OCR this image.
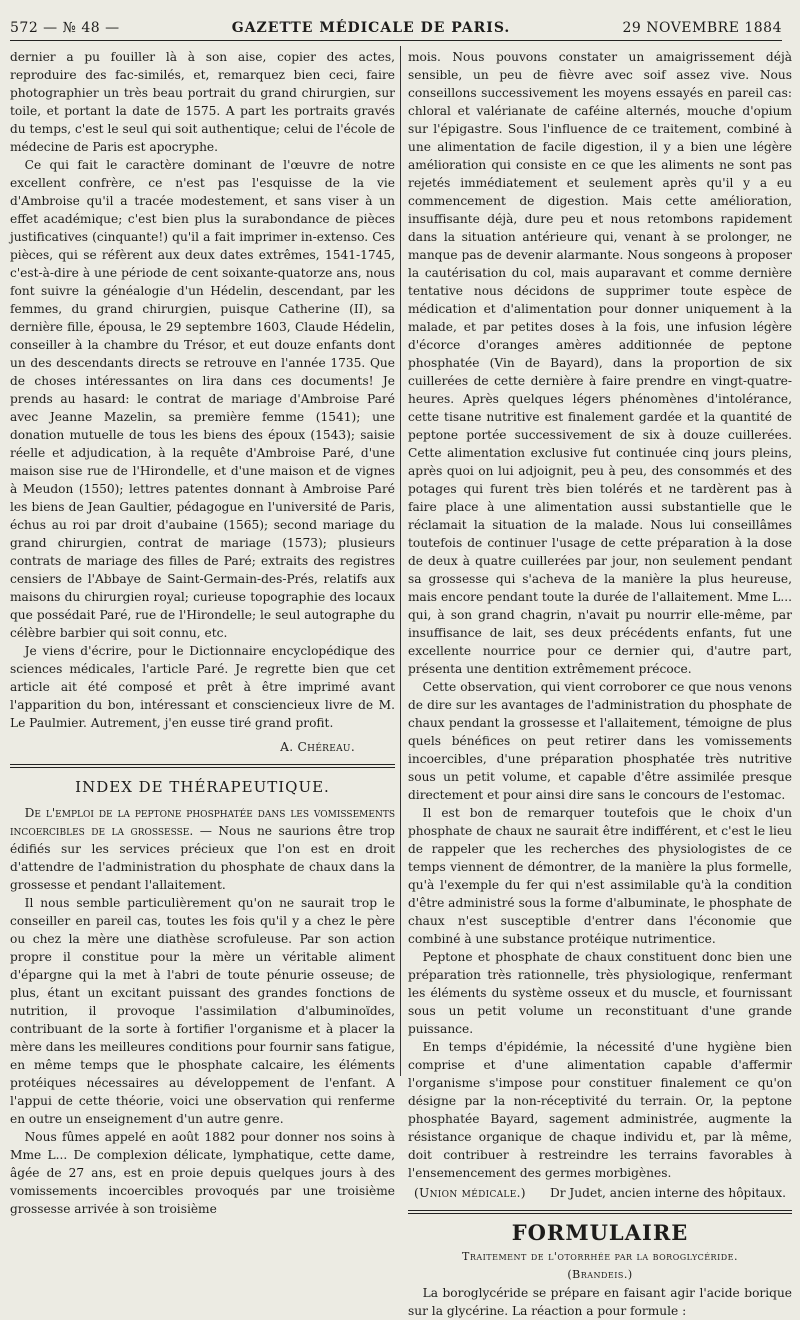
572 — № 48 —	GAZETTE MÉDICALE DE PARIS.	29 NOVEMBRE 1884

dernier a pu fouiller là à son aise, copier des actes, reproduire des fac-similés, et, remarquez bien ceci, faire photographier un très beau portrait du grand chirurgien, sur toile, et portant la date de 1575. A part les portraits gravés du temps, c'est le seul qui soit authentique; celui de l'école de médecine de Paris est apocryphe.

Ce qui fait le caractère dominant de l'œuvre de notre excellent confrère, ce n'est pas l'esquisse de la vie d'Ambroise qu'il a tracée modestement, et sans viser à un effet académique; c'est bien plus la surabondance de pièces justificatives (cinquante!) qu'il a fait imprimer in-extenso. Ces pièces, qui se réfèrent aux deux dates extrêmes, 1541-1745, c'est-à-dire à une période de cent soixante-quatorze ans, nous font suivre la généalogie d'un Hédelin, descendant, par les femmes, du grand chirurgien, puisque Catherine (II), sa dernière fille, épousa, le 29 septembre 1603, Claude Hédelin, conseiller à la chambre du Trésor, et eut douze enfants dont un des descendants directs se retrouve en l'année 1735. Que de choses intéressantes on lira dans ces documents! Je prends au hasard: le contrat de mariage d'Ambroise Paré avec Jeanne Mazelin, sa première femme (1541); une donation mutuelle de tous les biens des époux (1543); saisie réelle et adjudication, à la requête d'Ambroise Paré, d'une maison sise rue de l'Hirondelle, et d'une maison et de vignes à Meudon (1550); lettres patentes donnant à Ambroise Paré les biens de Jean Gaultier, pédagogue en l'université de Paris, échus au roi par droit d'aubaine (1565); second mariage du grand chirurgien, contrat de mariage (1573); plusieurs contrats de mariage des filles de Paré; extraits des registres censiers de l'Abbaye de Saint-Germain-des-Prés, relatifs aux maisons du chirurgien royal; curieuse topographie des locaux que possédait Paré, rue de l'Hirondelle; le seul autographe du célèbre barbier qui soit connu, etc.

Je viens d'écrire, pour le Dictionnaire encyclopédique des sciences médicales, l'article Paré. Je regrette bien que cet article ait été composé et prêt à être imprimé avant l'apparition du bon, intéressant et consciencieux livre de M. Le Paulmier. Autrement, j'en eusse tiré grand profit.

A. Chéreau.

INDEX DE THÉRAPEUTIQUE.

De l'emploi de la peptone phosphatée dans les vomissements incoercibles de la grossesse. — Nous ne saurions être trop édifiés sur les services précieux que l'on est en droit d'attendre de l'administration du phosphate de chaux dans la grossesse et pendant l'allaitement.

Il nous semble particulièrement qu'on ne saurait trop le conseiller en pareil cas, toutes les fois qu'il y a chez le père ou chez la mère une diathèse scrofuleuse. Par son action propre il constitue pour la mère un véritable aliment d'épargne qui la met à l'abri de toute pénurie osseuse; de plus, étant un excitant puissant des grandes fonctions de nutrition, il provoque l'assimilation d'albuminoïdes, contribuant de la sorte à fortifier l'organisme et à placer la mère dans les meilleures conditions pour fournir sans fatigue, en même temps que le phosphate calcaire, les éléments protéiques nécessaires au développement de l'enfant. A l'appui de cette théorie, voici une observation qui renferme en outre un enseignement d'un autre genre.

Nous fûmes appelé en août 1882 pour donner nos soins à Mme L... De complexion délicate, lymphatique, cette dame, âgée de 27 ans, est en proie depuis quelques jours à des vomissements incoercibles provoqués par une troisième grossesse arrivée à son troisième

mois. Nous pouvons constater un amaigrissement déjà sensible, un peu de fièvre avec soif assez vive. Nous conseillons successivement les moyens essayés en pareil cas: chloral et valérianate de caféine alternés, mouche d'opium sur l'épigastre. Sous l'influence de ce traitement, combiné à une alimentation de facile digestion, il y a bien une légère amélioration qui consiste en ce que les aliments ne sont pas rejetés immédiatement et seulement après qu'il y a eu commencement de digestion. Mais cette amélioration, insuffisante déjà, dure peu et nous retombons rapidement dans la situation antérieure qui, venant à se prolonger, ne manque pas de devenir alarmante. Nous songeons à proposer la cautérisation du col, mais auparavant et comme dernière tentative nous décidons de supprimer toute espèce de médication et d'alimentation pour donner uniquement à la malade, et par petites doses à la fois, une infusion légère d'écorce d'oranges amères additionnée de peptone phosphatée (Vin de Bayard), dans la proportion de six cuillerées de cette dernière à faire prendre en vingt-quatre-heures. Après quelques légers phénomènes d'intolérance, cette tisane nutritive est finalement gardée et la quantité de peptone portée successivement de six à douze cuillerées. Cette alimentation exclusive fut continuée cinq jours pleins, après quoi on lui adjoignit, peu à peu, des consommés et des potages qui furent très bien tolérés et ne tardèrent pas à faire place à une alimentation aussi substantielle que le réclamait la situation de la malade. Nous lui conseillâmes toutefois de continuer l'usage de cette préparation à la dose de deux à quatre cuillerées par jour, non seulement pendant sa grossesse qui s'acheva de la manière la plus heureuse, mais encore pendant toute la durée de l'allaitement. Mme L... qui, à son grand chagrin, n'avait pu nourrir elle-même, par insuffisance de lait, ses deux précédents enfants, fut une excellente nourrice pour ce dernier qui, d'autre part, présenta une dentition extrêmement précoce.

Cette observation, qui vient corroborer ce que nous venons de dire sur les avantages de l'administration du phosphate de chaux pendant la grossesse et l'allaitement, témoigne de plus quels bénéfices on peut retirer dans les vomissements incoercibles, d'une préparation phosphatée très nutritive sous un petit volume, et capable d'être assimilée presque directement et pour ainsi dire sans le concours de l'estomac.

Il est bon de remarquer toutefois que le choix d'un phosphate de chaux ne saurait être indifférent, et c'est le lieu de rappeler que les recherches des physiologistes de ce temps viennent de démontrer, de la manière la plus formelle, qu'à l'exemple du fer qui n'est assimilable qu'à la condition d'être administré sous la forme d'albuminate, le phosphate de chaux n'est susceptible d'entrer dans l'économie que combiné à une substance protéique nutrimentice.

Peptone et phosphate de chaux constituent donc bien une préparation très rationnelle, très physiologique, renfermant les éléments du système osseux et du muscle, et fournissant sous un petit volume un reconstituant d'une grande puissance.

En temps d'épidémie, la nécessité d'une hygiène bien comprise et d'une alimentation capable d'affermir l'organisme s'impose pour constituer finalement ce qu'on désigne par la non-réceptivité du terrain. Or, la peptone phosphatée Bayard, sagement administrée, augmente la résistance organique de chaque individu et, par là même, doit contribuer à restreindre les terrains favorables à l'ensemencement des germes morbigènes.

(Union médicale.) Dr Judet, ancien interne des hôpitaux.

FORMULAIRE

Traitement de l'otorrhée par la boroglycéride.

(Brandeis.)

La boroglycéride se prépare en faisant agir l'acide borique sur la glycérine. La réaction a pour formule :
